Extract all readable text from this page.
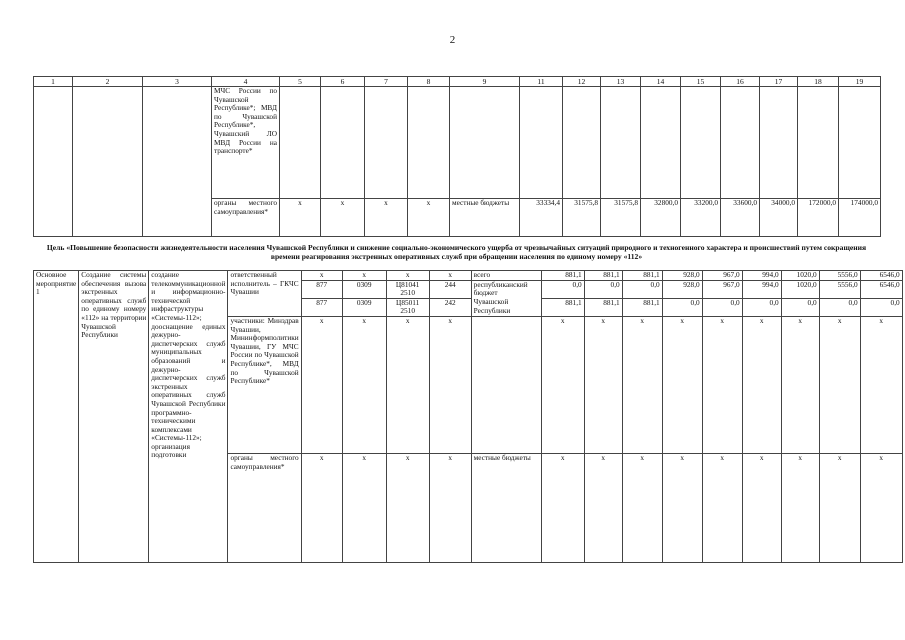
2
1	2	3	4	5	6	7	8	9	11	12	13	14	15	16	17	18	19
			МЧС России по Чувашской Республике*; МВД по Чувашской Республике*, Чувашский ЛО МВД России на транспорте*														
			органы местного самоуправления*	х	х	х	х	местные бюджеты	33334,4	31575,8	31575,8	32800,0	33200,0	33600,0	34000,0	172000,0	174000,0
Цель «Повышение безопасности жизнедеятельности населения Чувашской Республики и снижение социально-экономического ущерба от чрезвычайных ситуаций природного и техногенного характера и происшествий путем сокращения времени реагирования экстренных оперативных служб при обращении населения по единому номеру «112»
Основное мероприятие 1	Создание системы обеспечения вызова экстренных оперативных служб по единому номеру «112» на территории Чувашской Республики	создание телекоммуникационной и информационно-технической инфраструктуры «Системы-112»; дооснащение единых дежурно-диспетчерских служб муниципальных образований и дежурно-диспетчерских служб экстренных оперативных служб Чувашской Республики программно-техническими комплексами «Системы-112»; организация подготовки	ответственный исполнитель – ГКЧС Чувашии	х	х	х	х	всего	881,1	881,1	881,1	928,0	967,0	994,0	1020,0	5556,0	6546,0
				877	0309	Ц81041 2510	244	республиканский бюджет	0,0	0,0	0,0	928,0	967,0	994,0	1020,0	5556,0	6546,0
				877	0309	Ц85011 2510	242	Чувашской Республики	881,1	881,1	881,1	0,0	0,0	0,0	0,0	0,0	0,0
			участники: Минздрав Чувашии, Мининформполитики Чувашии, ГУ МЧС России по Чувашской Республике*, МВД по Чувашской Республике*	х	х	х	х		х	х	х	х	х	х	х	х	х
			органы местного самоуправления*	х	х	х	х	местные бюджеты	х	х	х	х	х	х	х	х	х
